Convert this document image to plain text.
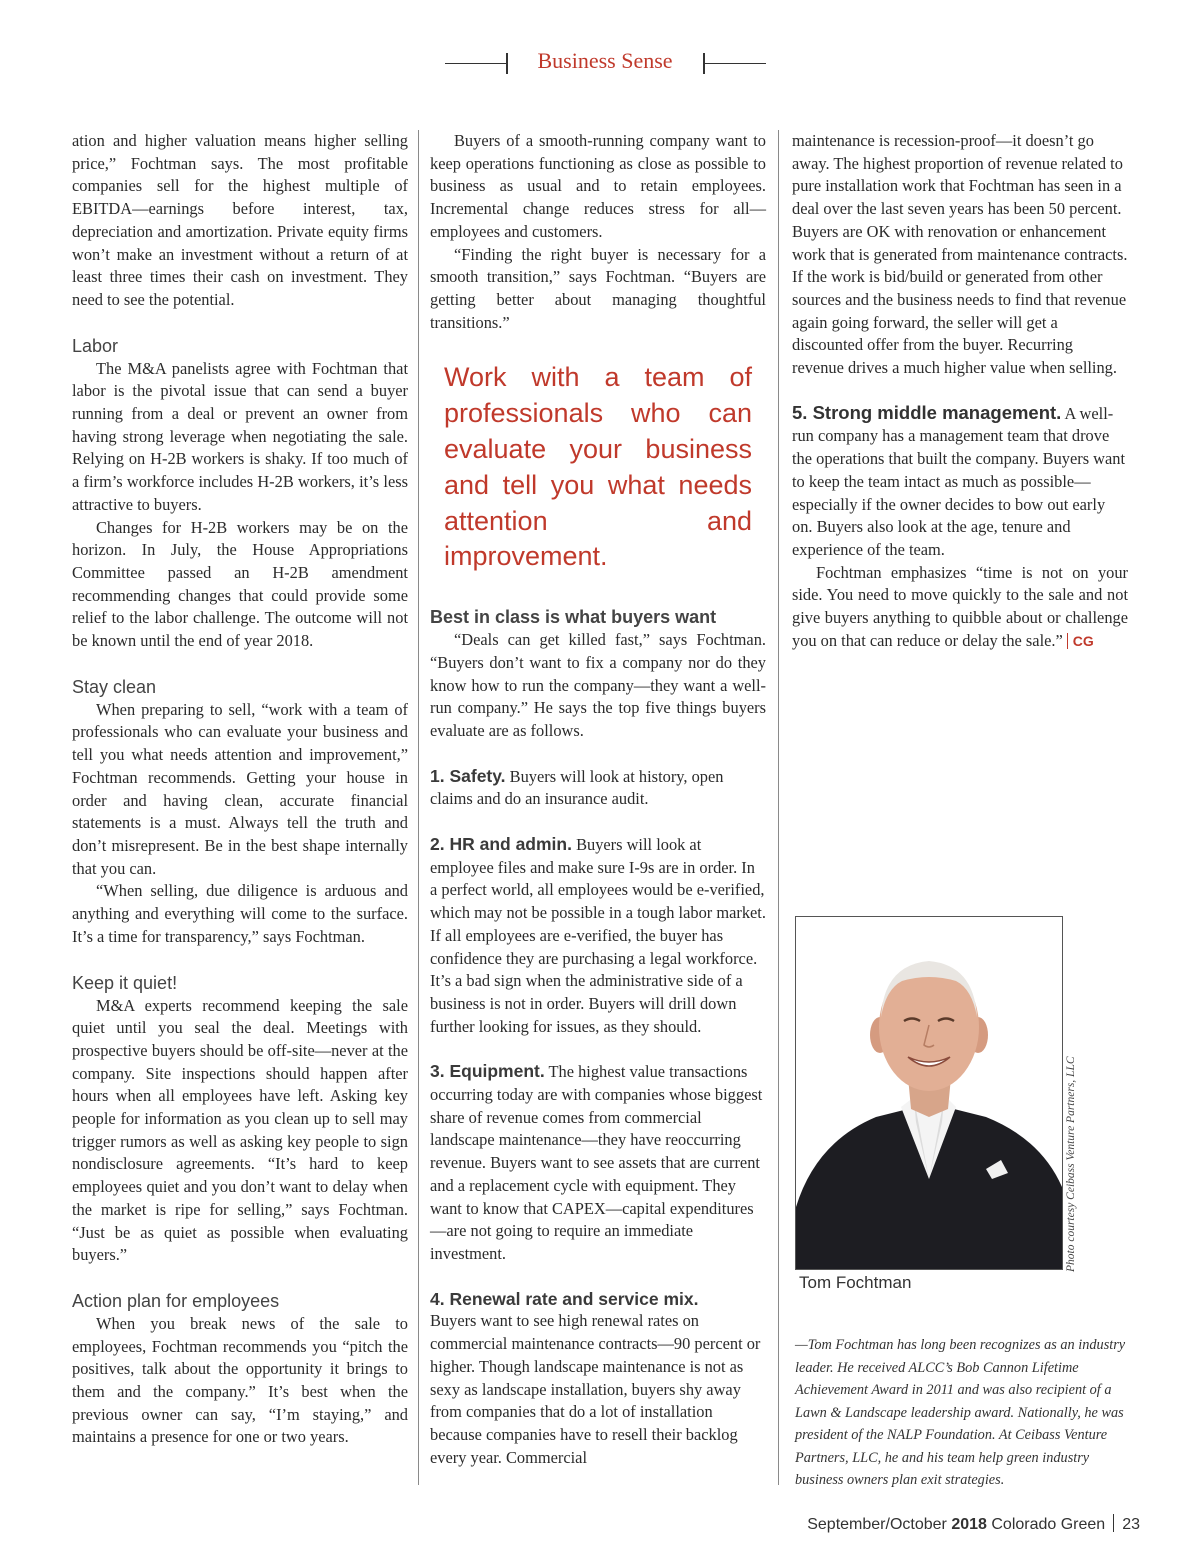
Business Sense

ation and higher valuation means higher selling price,” Fochtman says. The most profitable companies sell for the highest multiple of EBITDA—earnings before interest, tax, depreciation and amortization. Private equity firms won’t make an investment without a return of at least three times their cash on investment. They need to see the potential.

Labor

The M&A panelists agree with Fochtman that labor is the pivotal issue that can send a buyer running from a deal or prevent an owner from having strong leverage when negotiating the sale. Relying on H-2B workers is shaky. If too much of a firm’s workforce includes H-2B workers, it’s less attractive to buyers.

Changes for H-2B workers may be on the horizon. In July, the House Appropriations Committee passed an H-2B amendment recommending changes that could provide some relief to the labor challenge. The outcome will not be known until the end of year 2018.

Stay clean

When preparing to sell, “work with a team of professionals who can evaluate your business and tell you what needs attention and improvement,” Fochtman recommends. Getting your house in order and having clean, accurate financial statements is a must. Always tell the truth and don’t misrepresent. Be in the best shape internally that you can.

“When selling, due diligence is arduous and anything and everything will come to the surface. It’s a time for transparency,” says Fochtman.

Keep it quiet!

M&A experts recommend keeping the sale quiet until you seal the deal. Meetings with prospective buyers should be off-site—never at the company. Site inspections should happen after hours when all employees have left. Asking key people for information as you clean up to sell may trigger rumors as well as asking key people to sign nondisclosure agreements. “It’s hard to keep employees quiet and you don’t want to delay when the market is ripe for selling,” says Fochtman. “Just be as quiet as possible when evaluating buyers.”

Action plan for employees

When you break news of the sale to employees, Fochtman recommends you “pitch the positives, talk about the opportunity it brings to them and the company.” It’s best when the previous owner can say, “I’m staying,” and maintains a presence for one or two years.

Buyers of a smooth-running company want to keep operations functioning as close as possible to business as usual and to retain employees. Incremental change reduces stress for all—employees and customers.

“Finding the right buyer is necessary for a smooth transition,” says Fochtman. “Buyers are getting better about managing thoughtful transitions.”

Work with a team of professionals who can evaluate your business and tell you what needs attention and improvement.

Best in class is what buyers want

“Deals can get killed fast,” says Fochtman. “Buyers don’t want to fix a company nor do they know how to run the company—they want a well-run company.” He says the top five things buyers evaluate are as follows.

1. Safety. Buyers will look at history, open claims and do an insurance audit.

2. HR and admin. Buyers will look at employee files and make sure I-9s are in order. In a perfect world, all employees would be e-verified, which may not be possible in a tough labor market. If all employees are e-verified, the buyer has confidence they are purchasing a legal workforce. It’s a bad sign when the administrative side of a business is not in order. Buyers will drill down further looking for issues, as they should.

3. Equipment. The highest value transactions occurring today are with companies whose biggest share of revenue comes from commercial landscape maintenance—they have reoccurring revenue. Buyers want to see assets that are current and a replacement cycle with equipment. They want to know that CAPEX—capital expenditures—are not going to require an immediate investment.

4. Renewal rate and service mix.
Buyers want to see high renewal rates on commercial maintenance contracts—90 percent or higher. Though landscape maintenance is not as sexy as landscape installation, buyers shy away from companies that do a lot of installation because companies have to resell their backlog every year. Commercial

maintenance is recession-proof—it doesn’t go away. The highest proportion of revenue related to pure installation work that Fochtman has seen in a deal over the last seven years has been 50 percent. Buyers are OK with renovation or enhancement work that is generated from maintenance contracts. If the work is bid/build or generated from other sources and the business needs to find that revenue again going forward, the seller will get a discounted offer from the buyer. Recurring revenue drives a much higher value when selling.

5. Strong middle management. A well-run company has a management team that drove the operations that built the company. Buyers want to keep the team intact as much as possible—especially if the owner decides to bow out early on. Buyers also look at the age, tenure and experience of the team.

Fochtman emphasizes “time is not on your side. You need to move quickly to the sale and not give buyers anything to quibble about or challenge you on that can reduce or delay the sale.” CG

Photo courtesy Ceibass Venture Partners, LLC
Tom Fochtman

—Tom Fochtman has long been recognizes as an industry leader. He received ALCC’s Bob Cannon Lifetime Achievement Award in 2011 and was also recipient of a Lawn & Landscape leadership award. Nationally, he was president of the NALP Foundation. At Ceibass Venture Partners, LLC, he and his team help green industry business owners plan exit strategies.

September/October 2018 Colorado Green 23
